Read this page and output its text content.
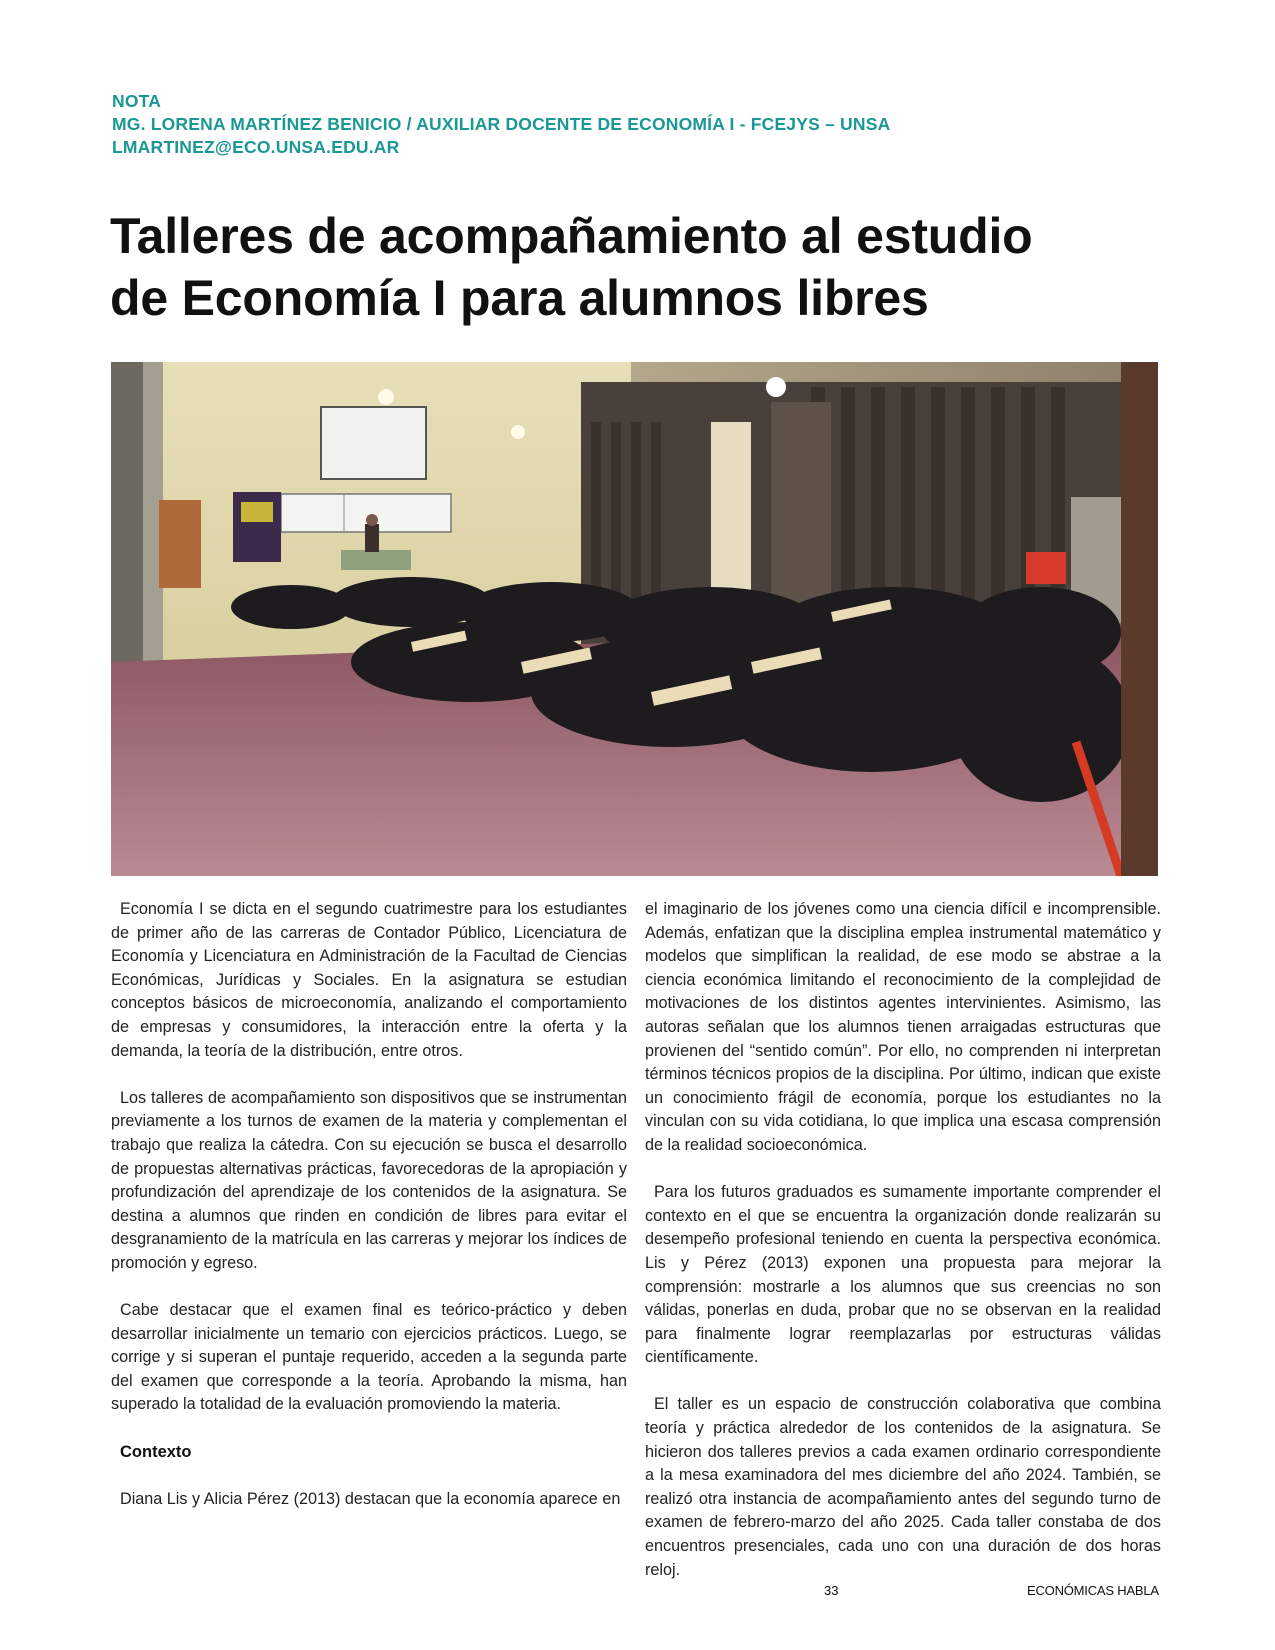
NOTA
MG. LORENA MARTÍNEZ BENICIO / AUXILIAR DOCENTE DE ECONOMÍA I - FCEJYS – UNSA
LMARTINEZ@ECO.UNSA.EDU.AR
Talleres de acompañamiento al estudio
de Economía I para alumnos libres

Economía I se dicta en el segundo cuatrimestre para los estudiantes de primer año de las carreras de Contador Público, Licenciatura de Economía y Licenciatura en Administración de la Facultad de Ciencias Económicas, Jurídicas y Sociales. En la asignatura se estudian conceptos básicos de microeconomía, analizando el comportamiento de empresas y consumidores, la interacción entre la oferta y la demanda, la teoría de la distribución, entre otros.

Los talleres de acompañamiento son dispositivos que se instrumentan previamente a los turnos de examen de la materia y complementan el trabajo que realiza la cátedra. Con su ejecución se busca el desarrollo de propuestas alternativas prácticas, favorecedoras de la apropiación y profundización del aprendizaje de los contenidos de la asignatura. Se destina a alumnos que rinden en condición de libres para evitar el desgranamiento de la matrícula en las carreras y mejorar los índices de promoción y egreso.

Cabe destacar que el examen final es teórico-práctico y deben desarrollar inicialmente un temario con ejercicios prácticos. Luego, se corrige y si superan el puntaje requerido, acceden a la segunda parte del examen que corresponde a la teoría. Aprobando la misma, han superado la totalidad de la evaluación promoviendo la materia.

Contexto

Diana Lis y Alicia Pérez (2013) destacan que la economía aparece en

el imaginario de los jóvenes como una ciencia difícil e incomprensible. Además, enfatizan que la disciplina emplea instrumental matemático y modelos que simplifican la realidad, de ese modo se abstrae a la ciencia económica limitando el reconocimiento de la complejidad de motivaciones de los distintos agentes intervinientes. Asimismo, las autoras señalan que los alumnos tienen arraigadas estructuras que provienen del “sentido común”. Por ello, no comprenden ni interpretan términos técnicos propios de la disciplina. Por último, indican que existe un conocimiento frágil de economía, porque los estudiantes no la vinculan con su vida cotidiana, lo que implica una escasa comprensión de la realidad socioeconómica.

Para los futuros graduados es sumamente importante comprender el contexto en el que se encuentra la organización donde realizarán su desempeño profesional teniendo en cuenta la perspectiva económica. Lis y Pérez (2013) exponen una propuesta para mejorar la comprensión: mostrarle a los alumnos que sus creencias no son válidas, ponerlas en duda, probar que no se observan en la realidad para finalmente lograr reemplazarlas por estructuras válidas científicamente.

El taller es un espacio de construcción colaborativa que combina teoría y práctica alrededor de los contenidos de la asignatura. Se hicieron dos talleres previos a cada examen ordinario correspondiente a la mesa examinadora del mes diciembre del año 2024. También, se realizó otra instancia de acompañamiento antes del segundo turno de examen de febrero-marzo del año 2025. Cada taller constaba de dos encuentros presenciales, cada uno con una duración de dos horas reloj.

33	ECONÓMICAS HABLA
